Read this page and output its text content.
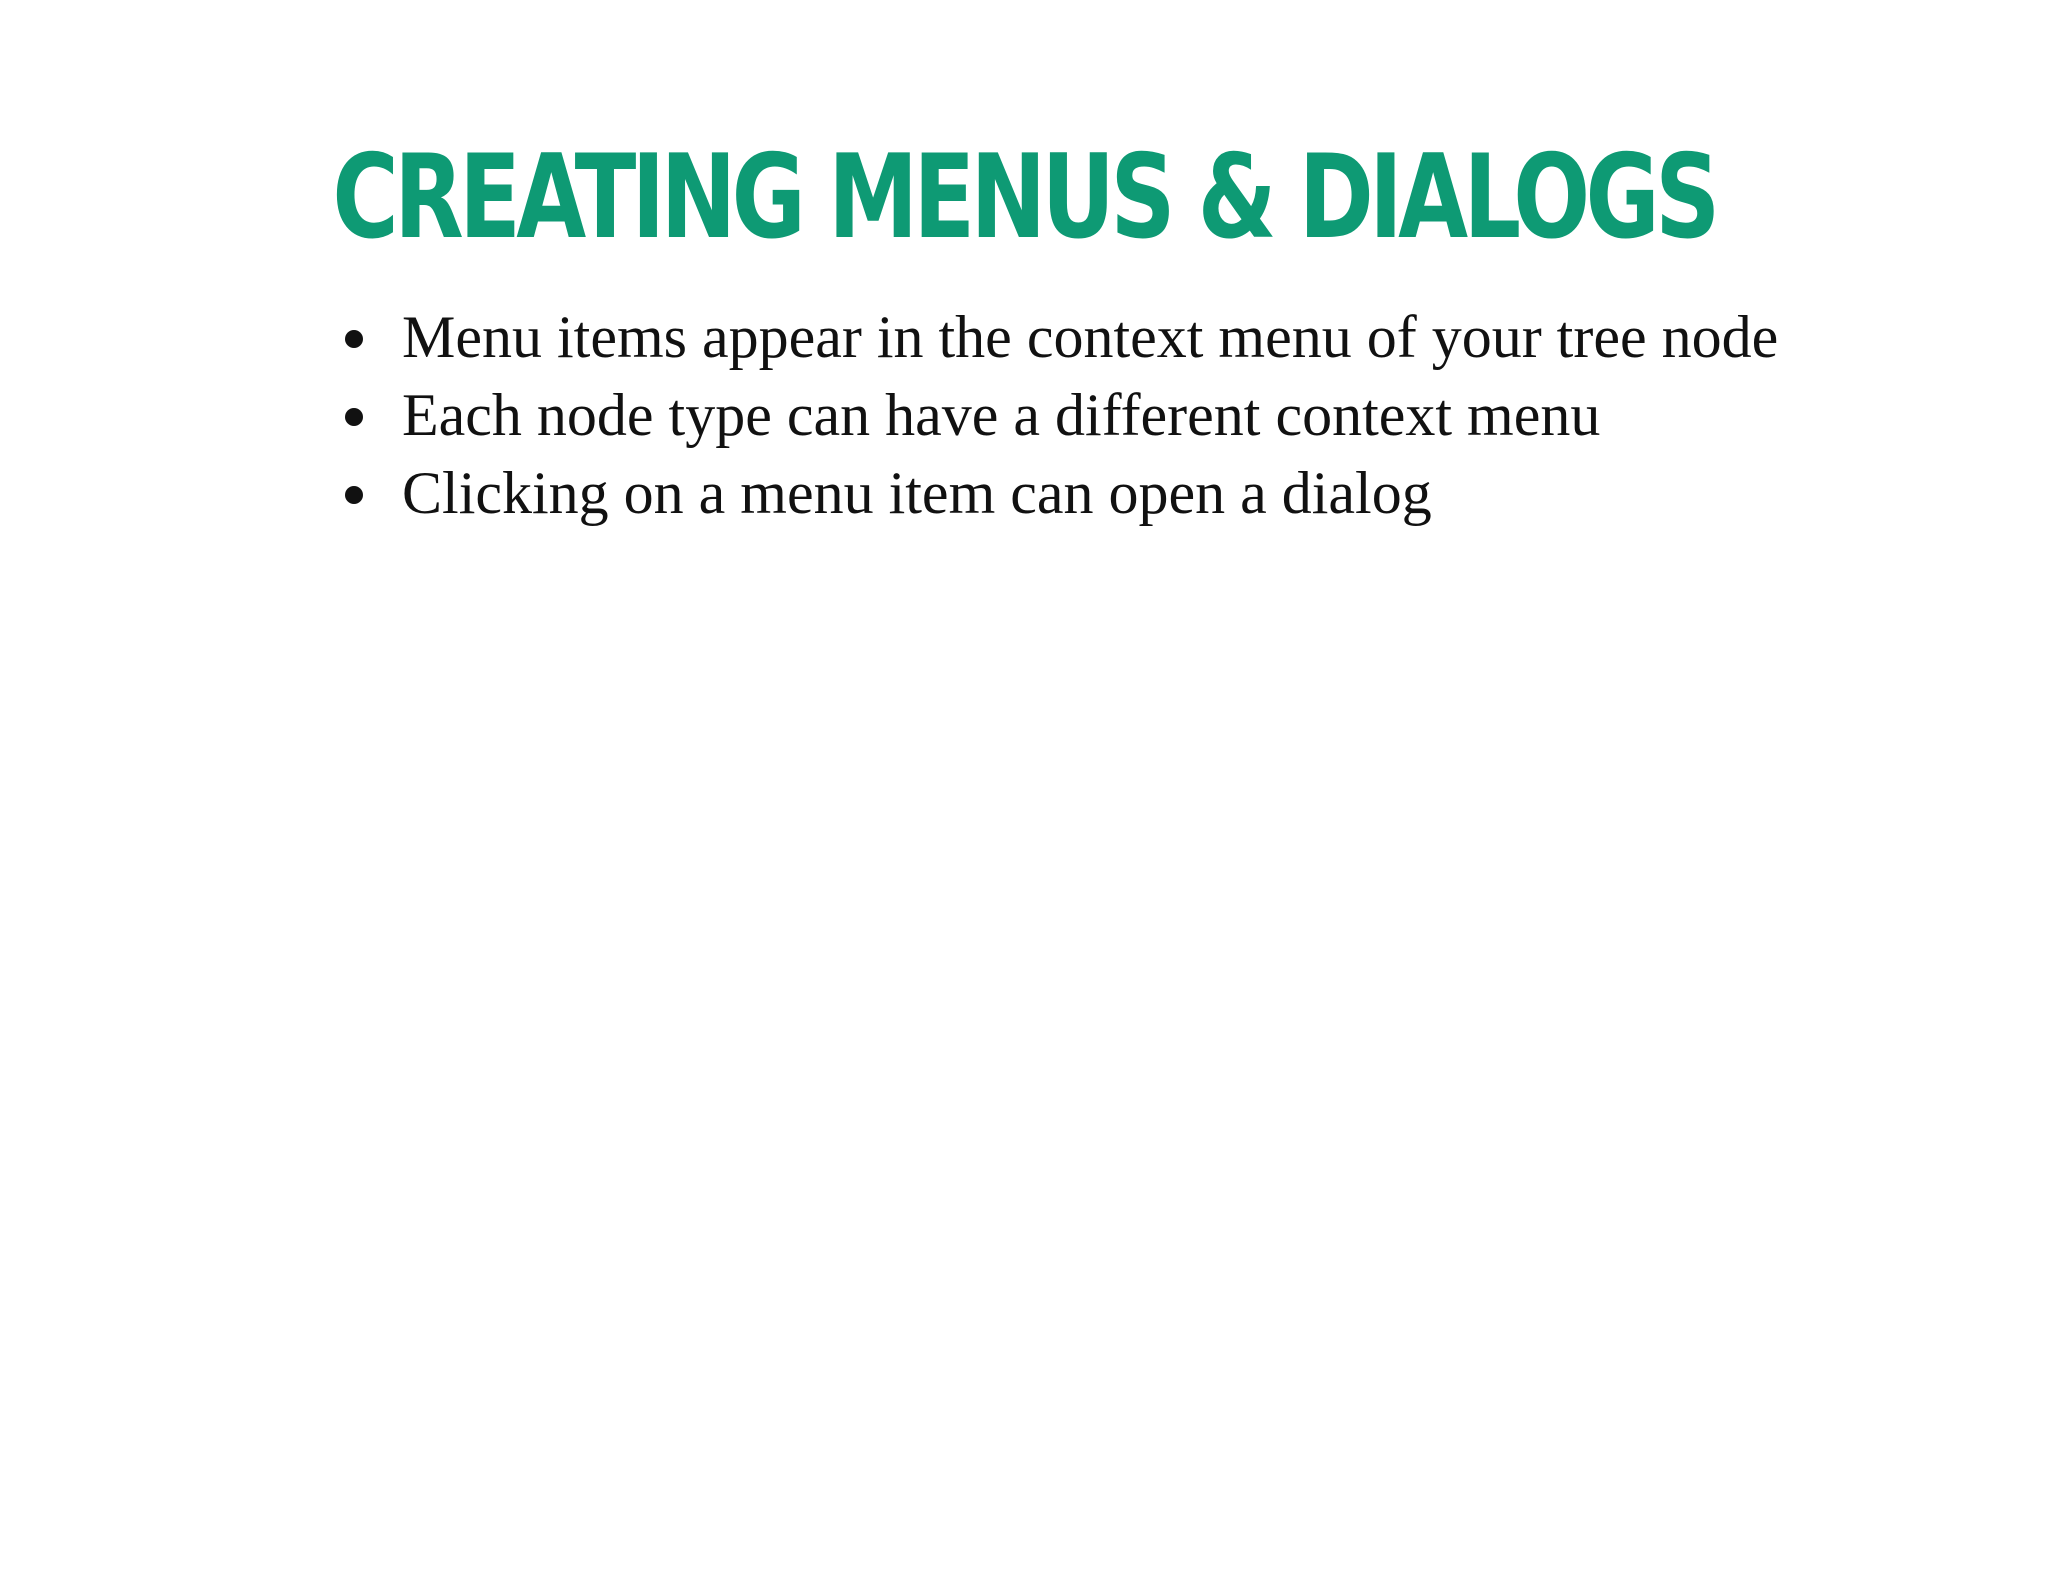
CREATING MENUS & DIALOGS
Menu items appear in the context menu of your tree node
Each node type can have a different context menu
Clicking on a menu item can open a dialog
